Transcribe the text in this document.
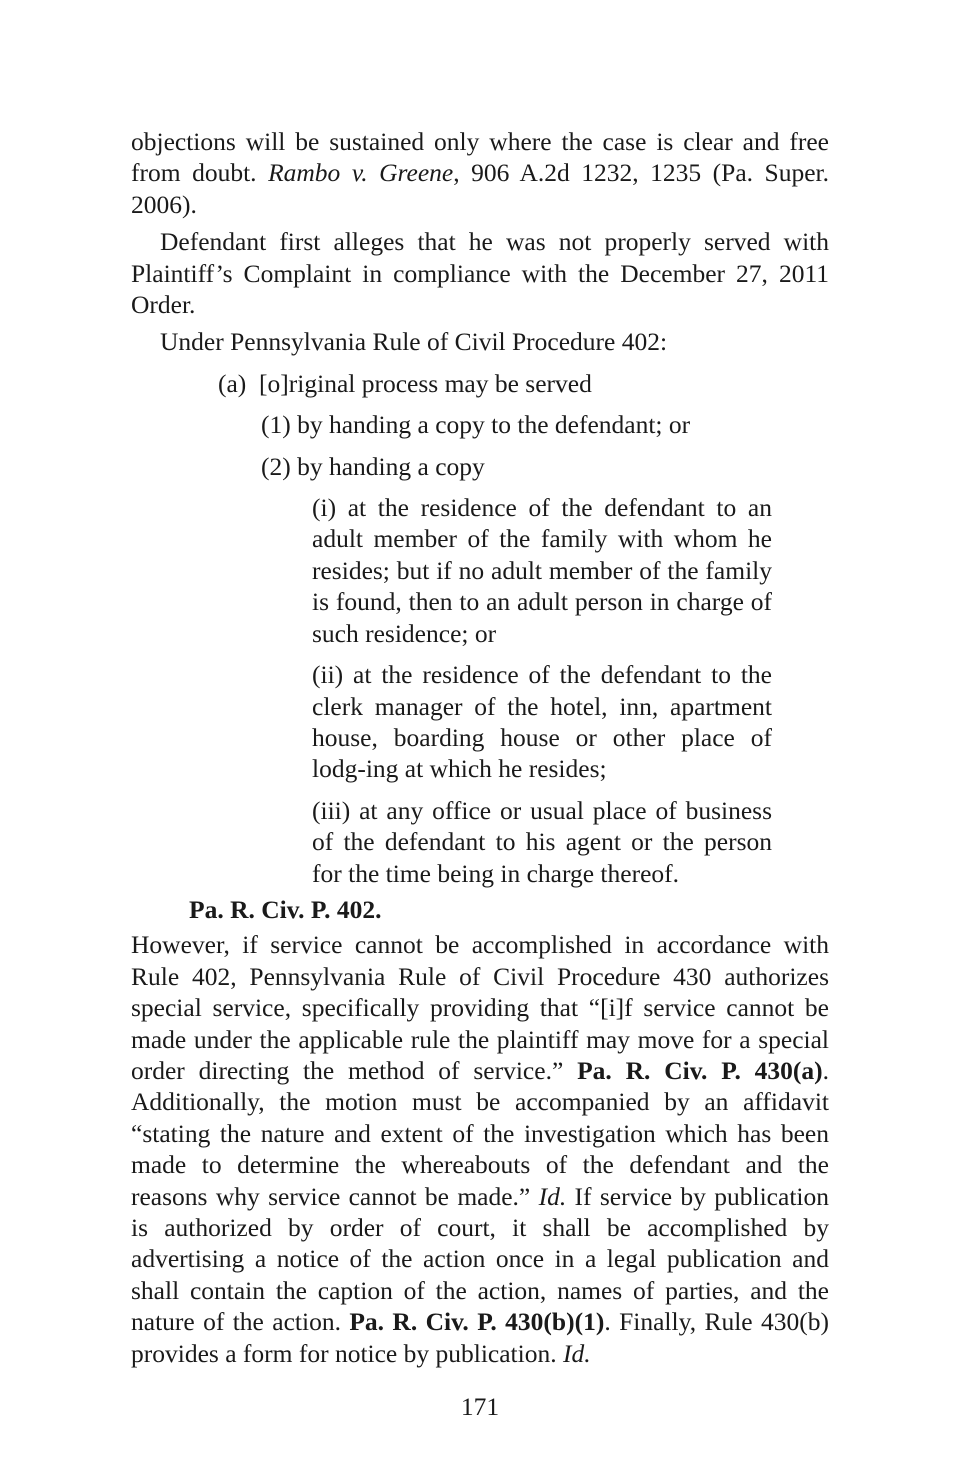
objections will be sustained only where the case is clear and free from doubt. Rambo v. Greene, 906 A.2d 1232, 1235 (Pa. Super. 2006).

Defendant first alleges that he was not properly served with Plaintiff’s Complaint in compliance with the December 27, 2011 Order.

Under Pennsylvania Rule of Civil Procedure 402:

(a)  [o]riginal process may be served

(1) by handing a copy to the defendant; or

(2) by handing a copy

(i) at the residence of the defendant to an adult member of the family with whom he resides; but if no adult member of the family is found, then to an adult person in charge of such residence; or

(ii) at the residence of the defendant to the clerk manager of the hotel, inn, apartment house, boarding house or other place of lodg-ing at which he resides;

(iii) at any office or usual place of business of the defendant to his agent or the person for the time being in charge thereof.

Pa. R. Civ. P. 402.

However, if service cannot be accomplished in accordance with Rule 402, Pennsylvania Rule of Civil Procedure 430 authorizes special service, specifically providing that “[i]f service cannot be made under the applicable rule the plaintiff may move for a special order directing the method of service.” Pa. R. Civ. P. 430(a). Additionally, the motion must be accompanied by an affidavit “stating the nature and extent of the investigation which has been made to determine the whereabouts of the defendant and the reasons why service cannot be made.” Id. If service by publication is authorized by order of court, it shall be accomplished by advertising a notice of the action once in a legal publication and shall contain the caption of the action, names of parties, and the nature of the action. Pa. R. Civ. P. 430(b)(1). Finally, Rule 430(b) provides a form for notice by publication. Id.

171
